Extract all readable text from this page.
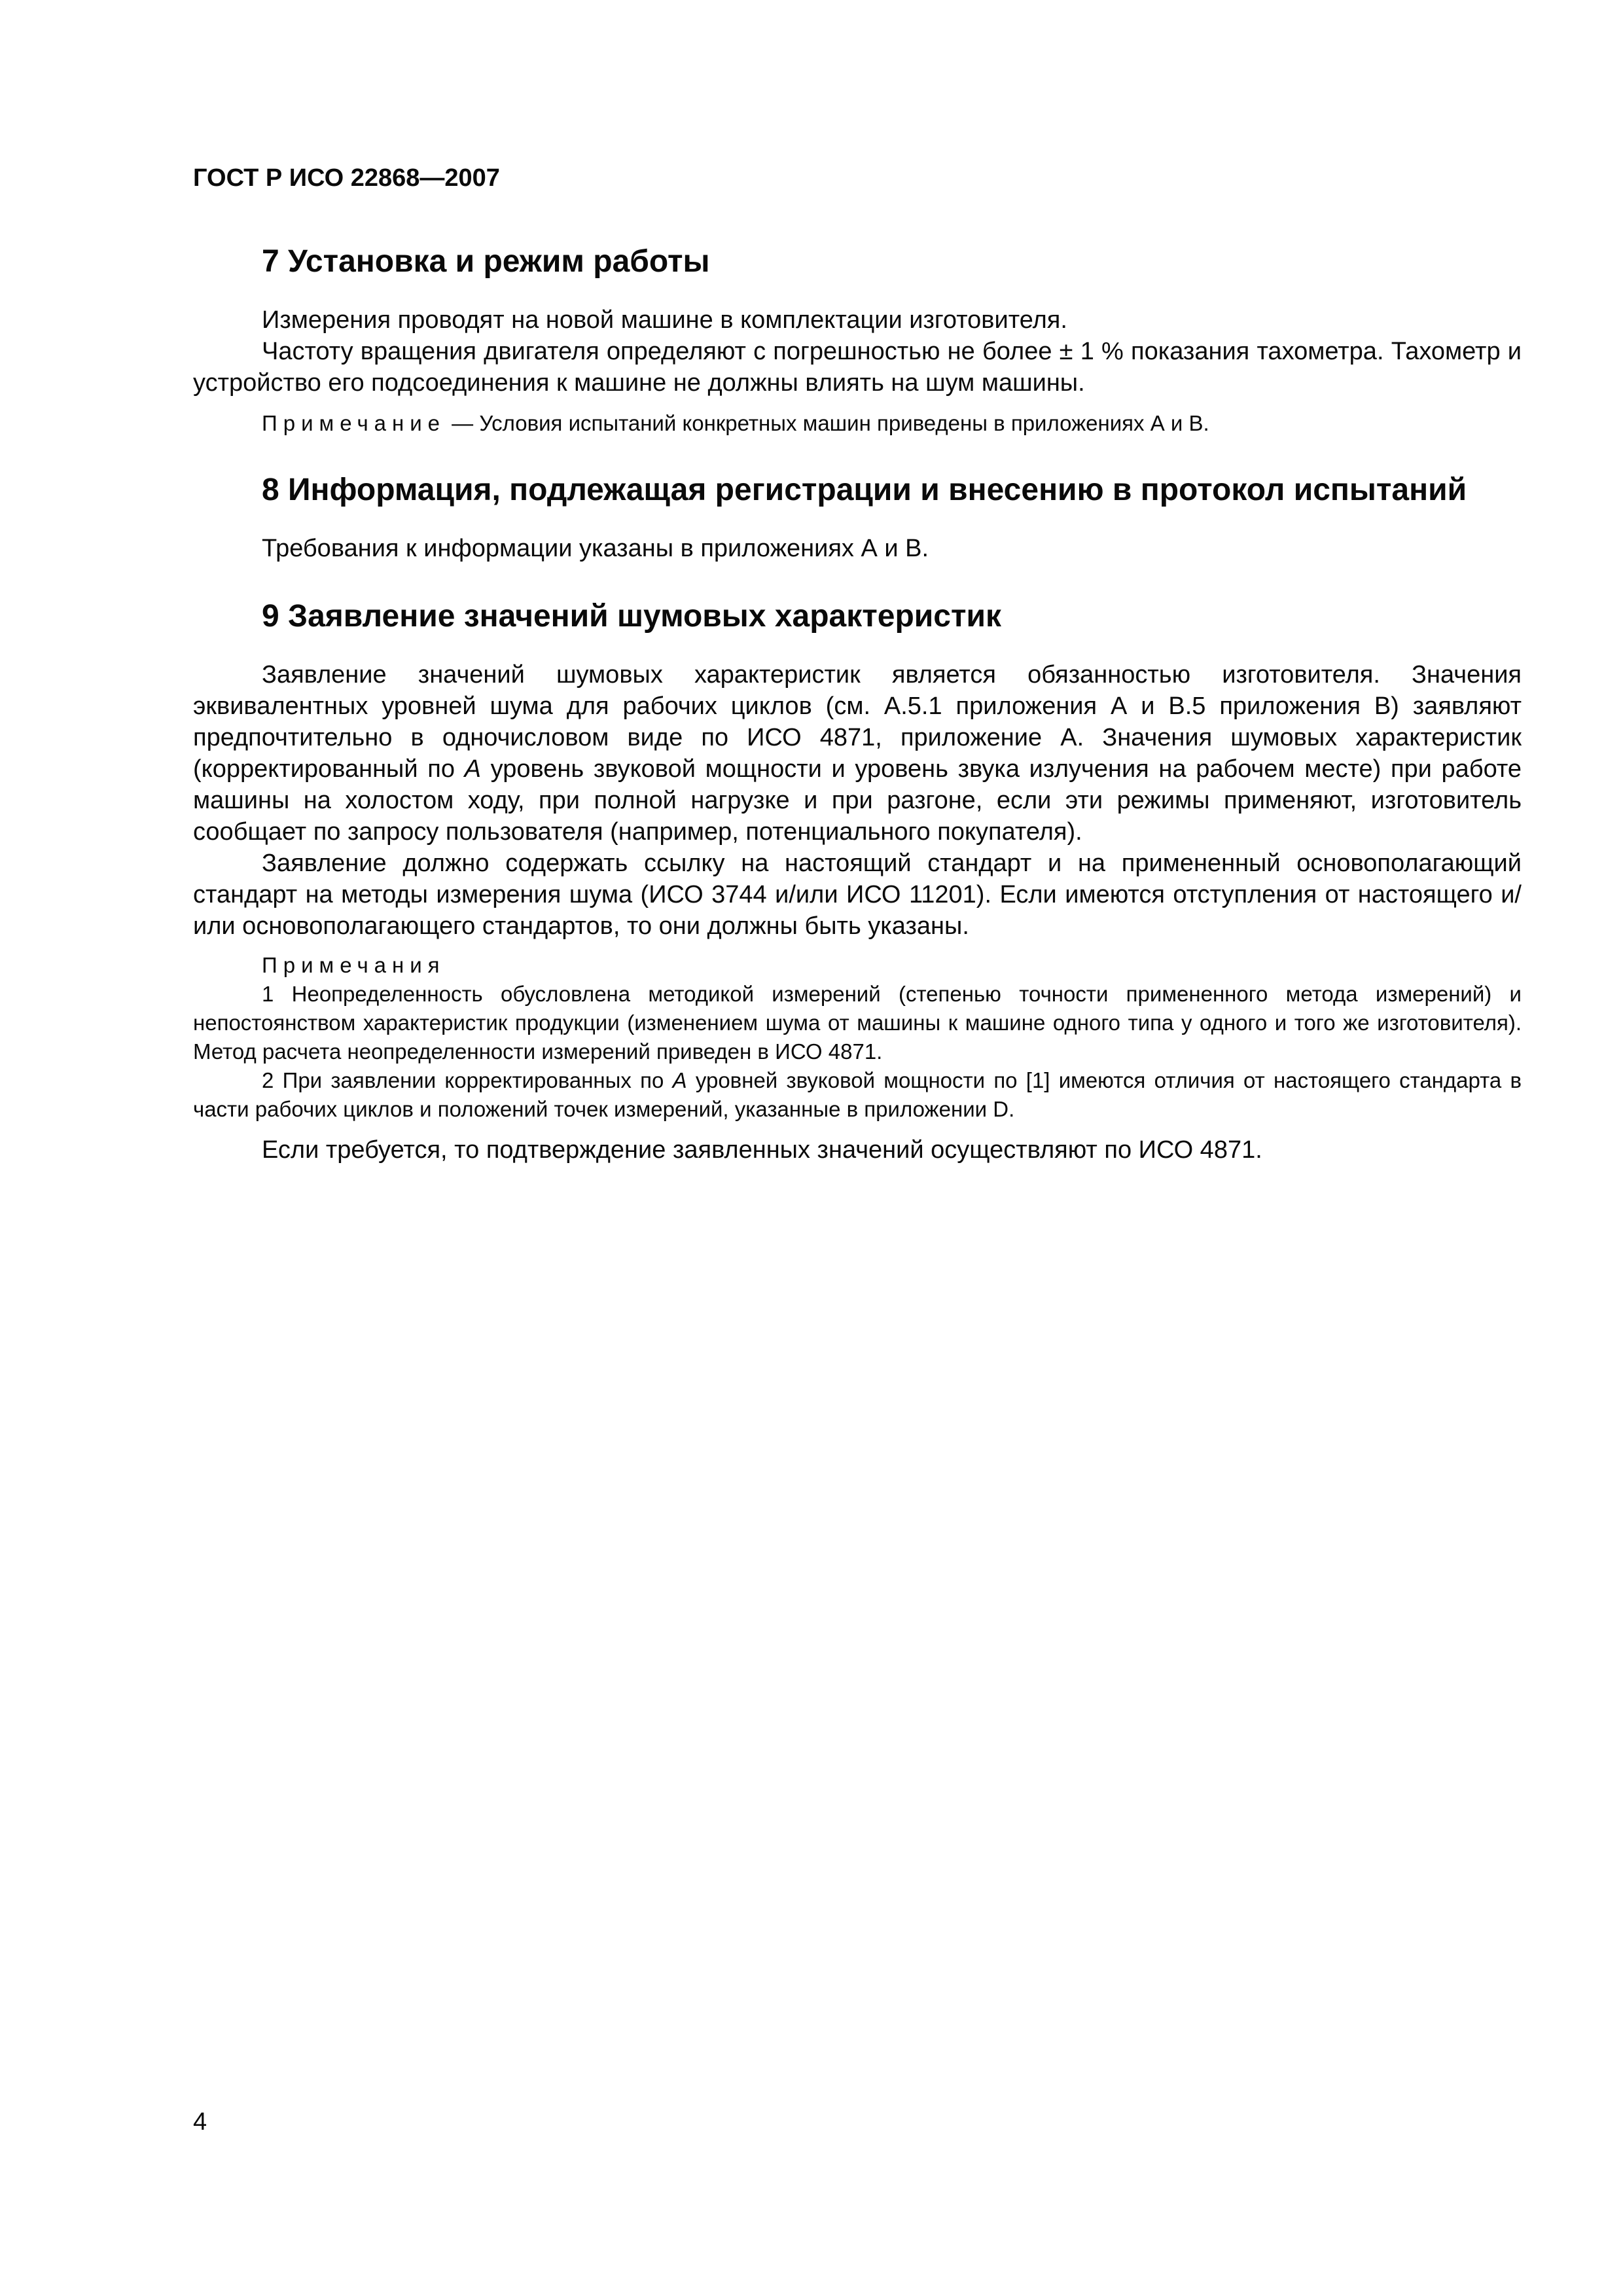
ГОСТ Р ИСО 22868—2007
7 Установка и режим работы

Измерения проводят на новой машине в комплектации изготовителя.

Частоту вращения двигателя определяют с погрешностью не более ± 1 % показания тахометра. Тахометр и устройство его подсоединения к машине не должны влиять на шум машины.

Примечание — Условия испытаний конкретных машин приведены в приложениях А и В.

8 Информация, подлежащая регистрации и внесению в протокол испытаний

Требования к информации указаны в приложениях А и В.

9 Заявление значений шумовых характеристик

Заявление значений шумовых характеристик является обязанностью изготовителя. Значения эквивалентных уровней шума для рабочих циклов (см. А.5.1 приложения А и В.5 приложения В) заявляют предпочтительно в одночисловом виде по ИСО 4871, приложение А. Значения шумовых характеристик (корректированный по А уровень звуковой мощности и уровень звука излучения на рабочем месте) при работе машины на холостом ходу, при полной нагрузке и при разгоне, если эти режимы применяют, изготовитель сообщает по запросу пользователя (например, потенциального покупателя).

Заявление должно содержать ссылку на настоящий стандарт и на примененный основополагающий стандарт на методы измерения шума (ИСО 3744 и/или ИСО 11201). Если имеются отступления от настоящего и/или основополагающего стандартов, то они должны быть указаны.

Примечания

1 Неопределенность обусловлена методикой измерений (степенью точности примененного метода измерений) и непостоянством характеристик продукции (изменением шума от машины к машине одного типа у одного и того же изготовителя). Метод расчета неопределенности измерений приведен в ИСО 4871.

2 При заявлении корректированных по А уровней звуковой мощности по [1] имеются отличия от настоящего стандарта в части рабочих циклов и положений точек измерений, указанные в приложении D.

Если требуется, то подтверждение заявленных значений осуществляют по ИСО 4871.

4
